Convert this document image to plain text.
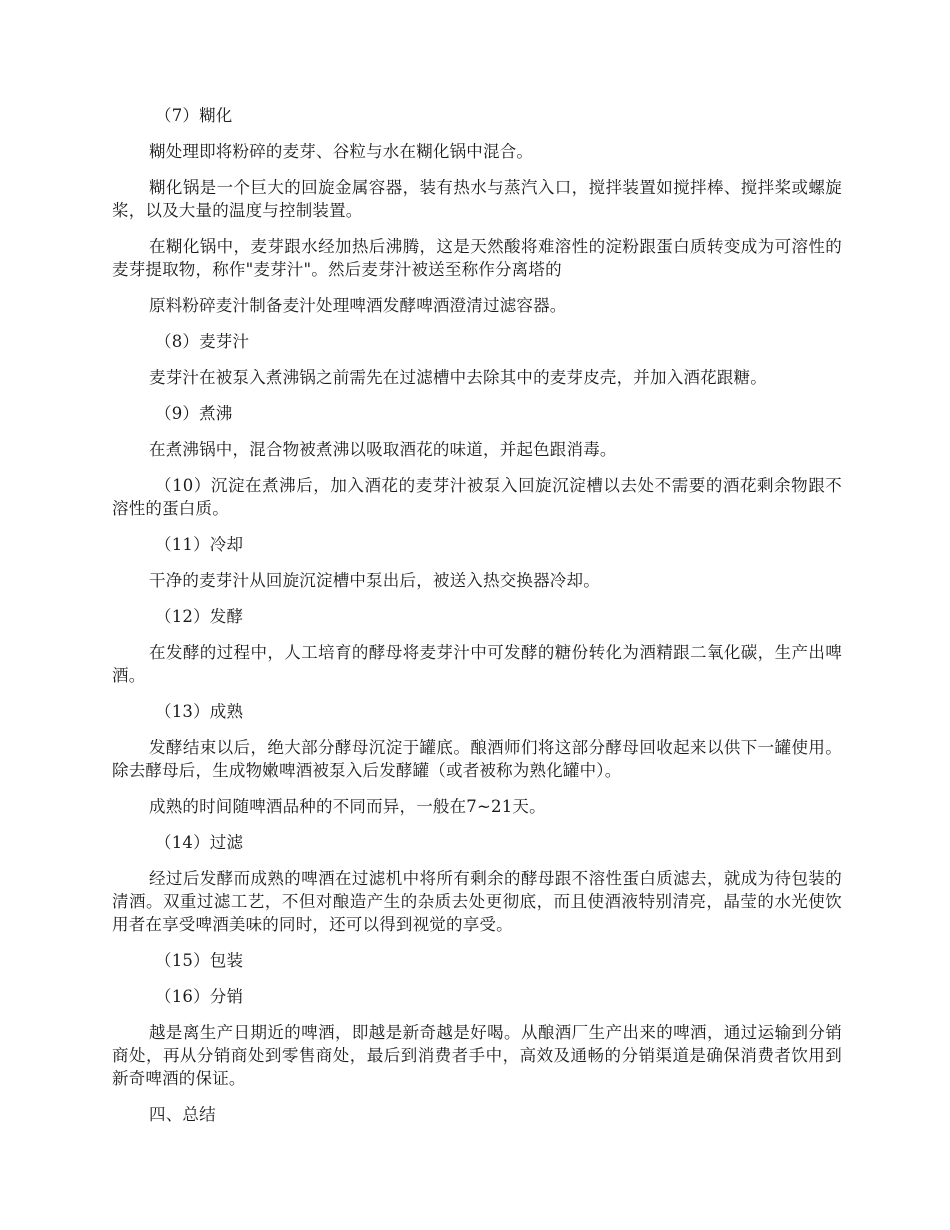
（7）糊化

糊处理即将粉碎的麦芽、谷粒与水在糊化锅中混合。

糊化锅是一个巨大的回旋金属容器，装有热水与蒸汽入口，搅拌装置如搅拌棒、搅拌桨或螺旋桨，以及大量的温度与控制装置。

在糊化锅中，麦芽跟水经加热后沸腾，这是天然酸将难溶性的淀粉跟蛋白质转变成为可溶性的麦芽提取物，称作"麦芽汁"。然后麦芽汁被送至称作分离塔的

原料粉碎麦汁制备麦汁处理啤酒发酵啤酒澄清过滤容器。

（8）麦芽汁

麦芽汁在被泵入煮沸锅之前需先在过滤槽中去除其中的麦芽皮壳，并加入酒花跟糖。

（9）煮沸

在煮沸锅中，混合物被煮沸以吸取酒花的味道，并起色跟消毒。

（10）沉淀在煮沸后，加入酒花的麦芽汁被泵入回旋沉淀槽以去处不需要的酒花剩余物跟不溶性的蛋白质。

（11）冷却

干净的麦芽汁从回旋沉淀槽中泵出后，被送入热交换器冷却。

（12）发酵

在发酵的过程中，人工培育的酵母将麦芽汁中可发酵的糖份转化为酒精跟二氧化碳，生产出啤酒。

（13）成熟

发酵结束以后，绝大部分酵母沉淀于罐底。酿酒师们将这部分酵母回收起来以供下一罐使用。除去酵母后，生成物嫩啤酒被泵入后发酵罐（或者被称为熟化罐中）。

成熟的时间随啤酒品种的不同而异，一般在7~21天。

（14）过滤

经过后发酵而成熟的啤酒在过滤机中将所有剩余的酵母跟不溶性蛋白质滤去，就成为待包装的清酒。双重过滤工艺，不但对酿造产生的杂质去处更彻底，而且使酒液特别清亮，晶莹的水光使饮用者在享受啤酒美味的同时，还可以得到视觉的享受。

（15）包装

（16）分销

越是离生产日期近的啤酒，即越是新奇越是好喝。从酿酒厂生产出来的啤酒，通过运输到分销商处，再从分销商处到零售商处，最后到消费者手中，高效及通畅的分销渠道是确保消费者饮用到新奇啤酒的保证。

四、总结
